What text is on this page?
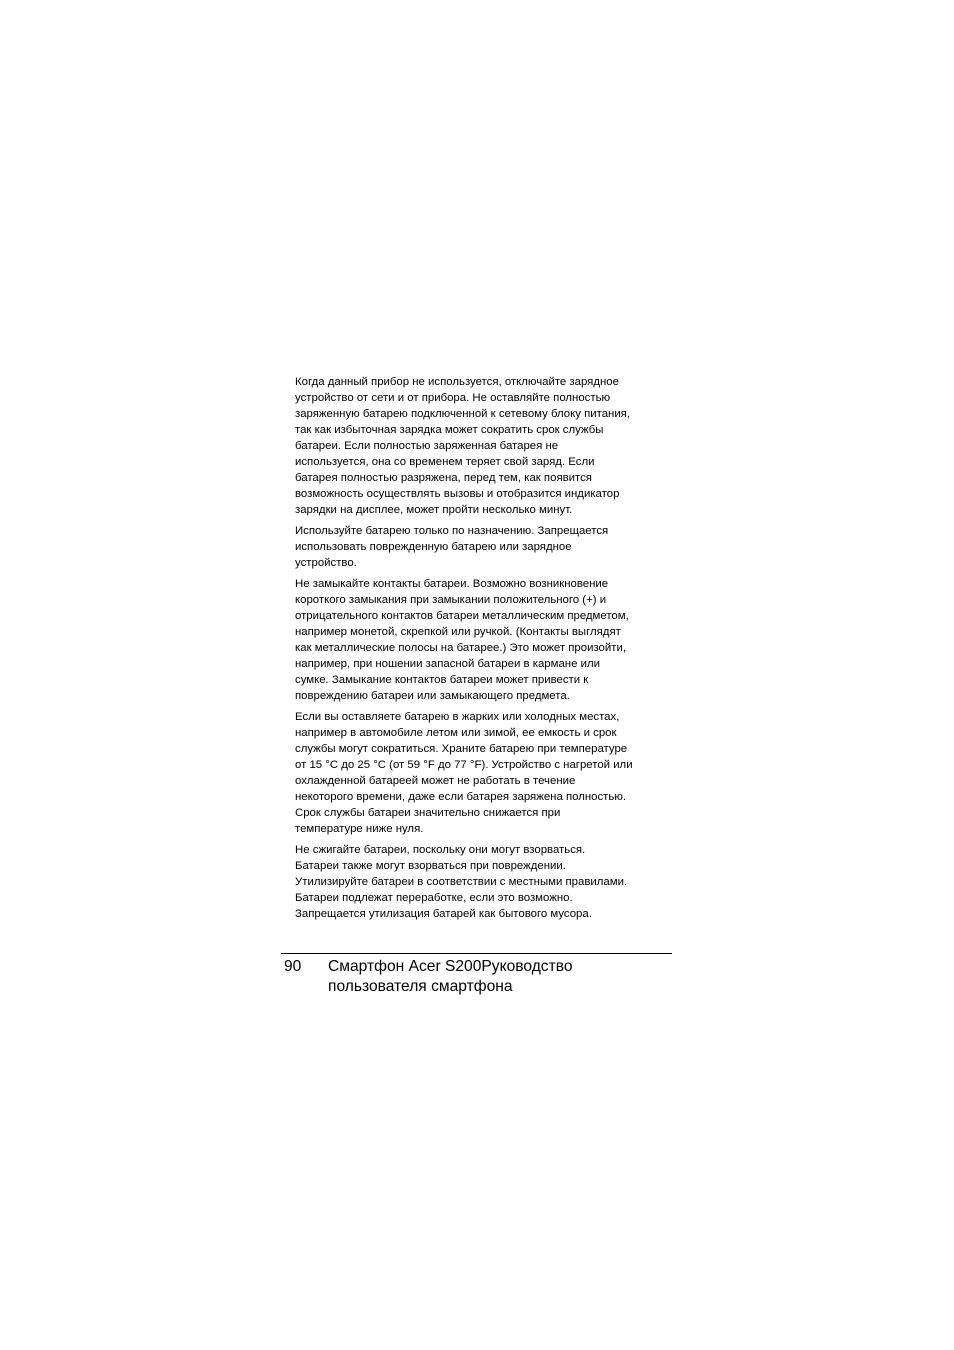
Когда данный прибор не используется, отключайте зарядное
устройство от сети и от прибора. Не оставляйте полностью
заряженную батарею подключенной к сетевому блоку питания,
так как избыточная зарядка может сократить срок службы
батареи. Если полностью заряженная батарея не
используется, она со временем теряет свой заряд. Если
батарея полностью разряжена, перед тем, как появится
возможность осуществлять вызовы и отобразится индикатор
зарядки на дисплее, может пройти несколько минут.
Используйте батарею только по назначению. Запрещается
использовать поврежденную батарею или зарядное
устройство.
Не замыкайте контакты батареи. Возможно возникновение
короткого замыкания при замыкании положительного (+) и
отрицательного контактов батареи металлическим предметом,
например монетой, скрепкой или ручкой. (Контакты выглядят
как металлические полосы на батарее.) Это может произойти,
например, при ношении запасной батареи в кармане или
сумке. Замыкание контактов батареи может привести к
повреждению батареи или замыкающего предмета.
Если вы оставляете батарею в жарких или холодных местах,
например в автомобиле летом или зимой, ее емкость и срок
службы могут сократиться. Храните батарею при температуре
от 15 °C до 25 °C (от 59 °F до 77 °F). Устройство с нагретой или
охлажденной батареей может не работать в течение
некоторого времени, даже если батарея заряжена полностью.
Срок службы батареи значительно снижается при
температуре ниже нуля.
Не сжигайте батареи, поскольку они могут взорваться.
Батареи также могут взорваться при повреждении.
Утилизируйте батареи в соответствии с местными правилами.
Батареи подлежат переработке, если это возможно.
Запрещается утилизация батарей как бытового мусора.
90 Смартфон Acer S200Руководство
пользователя смартфона
